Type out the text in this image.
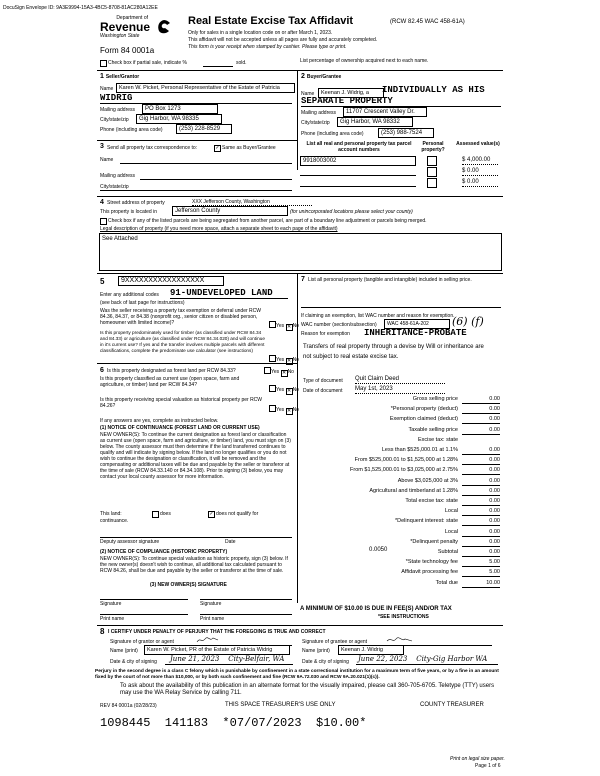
DocuSign Envelope ID: 9A3E9994-15A3-4BC5-8708-81AC280A12EE
Department of
Revenue
Washington State
Form 84 0001a
Real Estate Excise Tax Affidavit	(RCW 82.45 WAC 458-61A)
Only for sales in a single location code on or after March 1, 2023.
This affidavit will not be accepted unless all pages are fully and accurately completed.
This form is your receipt when stamped by cashier. Please type or print.
Check box if partial sale, indicate %	sold.	List percentage of ownership acquired next to each name.
1 Seller/Grantor
Name	Karen W. Picket, Personal Representative of the Estate of Patricia
WIDRIG
Mailing address	PO Box 1273
City/state/zip	Gig Harbor, WA 98335
Phone (including area code)	(253) 228-8529
2 Buyer/Grantee
Name	Keenan J. Widrig, a	INDIVIDUALLY AS HIS
SEPARATE PROPERTY
Mailing address	11707 Crescent Valley Dr.
City/state/zip	Gig Harbor, WA 98332
Phone (including area code)	(253) 988-7524
3 Send all property tax correspondence to:	✓ Same as Buyer/Grantee
Name
Mailing address
City/state/zip
List all real and personal property tax parcel account numbers
Personal property?
Assessed value(s)
9918003002	$ 4,000.00
$ 0.00
$ 0.00
4 Street address of property	XXX Jefferson County, Washington
This property is located in	Jefferson County	(for unincorporated locations please select your county)
Check box if any of the listed parcels are being segregated from another parcel, are part of a boundary line adjustment or parcels being merged.
Legal description of property (if you need more space, attach a separate sheet to each page of the affidavit)
See Attached
5	9XXXXXXXXXXXXXXXXX
Enter any additional codes 91-UNDEVELOPED LAND
(see back of last page for instructions)
Was the seller receiving a property tax exemption or deferral under RCW 84.36, 84.37, or 84.38 (nonprofit org., senior citizen or disabled person, homeowner with limited income)?	Yes ✕No
Is this property predominately used for timber (as classified under RCW 84.34 and 84.33) or agriculture (as classified under RCW 84.34.020) and will continue in it's current use? If yes and the transfer involves multiple parcels with different classifications, complete the predominate use calculator (see instructions)
Yes ✕No
6 Is this property designated as forest land per RCW 84.33?	Yes ✕No
Is this property classified as current use (open space, farm and agriculture, or timber) land per RCW 84.34?
Yes ✕No
Is this property receiving special valuation as historical property per RCW 84.26?
Yes ✕No
If any answers are yes, complete as instructed below.
(1) NOTICE OF CONTINUANCE (FOREST LAND OR CURRENT USE)
NEW OWNER(S): To continue the current designation as forest land or classification as current use (open space, farm and agriculture, or timber) land, you must sign on (3) below. The county assessor must then determine if the land transferred continues to qualify and will indicate by signing below. If the land no longer qualifies or you do not wish to continue the designation or classification, it will be removed and the compensating or additional taxes will be due and payable by the seller or transferor at the time of sale (RCW 84.33.140 or 84.34.108). Prior to signing (3) below, you may contact your local county assessor for more information.
This land:	does	✓ does not qualify for
continuance.
Deputy assessor signature	Date
(2) NOTICE OF COMPLIANCE (HISTORIC PROPERTY)
NEW OWNER(S): To continue special valuation as historic property, sign (3) below. If the new owner(s) doesn't wish to continue, all additional tax calculated pursuant to RCW 84.26, shall be due and payable by the seller or transferor at the time of sale.
(3) NEW OWNER(S) SIGNATURE
Signature	Signature
Print name	Print name
7 List all personal property (tangible and intangible) included in selling price.
If claiming an exemption, list WAC number and reason for exemption.
WAC number (section/subsection)	WAC 458-61A-202	(6) (f)
Reason for exemption INHERITANCE-PROBATE
Transfers of real property through a devise by Will or inheritance are
not subject to real estate excise tax.
Type of document Quit Claim Deed
Date of document May 1st, 2023
Gross selling price	0.00
*Personal property (deduct)	0.00
Exemption claimed (deduct)	0.00
Taxable selling price	0.00
Excise tax: state
Less than $525,000.01 at 1.1%	0.00
From $525,000.01 to $1,525,000 at 1.28%	0.00
From $1,525,000.01 to $3,025,000 at 2.75%	0.00
Above $3,025,000 at 3%	0.00
Agricultural and timberland at 1.28%	0.00
Total excise tax: state	0.00
Local	0.00
*Delinquent interest: state	0.00
Local	0.00
*Delinquent penalty	0.00
Subtotal	0.00
*State technology fee	5.00
Affidavit processing fee	5.00
Total due	10.00
0.0050
A MINIMUM OF $10.00 IS DUE IN FEE(S) AND/OR TAX
*SEE INSTRUCTIONS
8 I CERTIFY UNDER PENALTY OF PERJURY THAT THE FOREGOING IS TRUE AND CORRECT
Signature of grantor or agent
Name (print)	Karen W. Picket, PR of the Estate of Patricia Widrig
Date & city of signing June 21, 2023    City-Belfair, WA
Signature of grantee or agent
Name (print)	Keenan J. Widrig
Date & city of signing June 22, 2023    City-Gig Harbor WA
Perjury in the second degree is a class C felony which is punishable by confinement in a state correctional institution for a maximum term of five years, or by a fine in an amount fixed by the court of not more than $10,000, or by both such confinement and fine (RCW 9A.72.030 and RCW 9A.20.021(1)(c)).
To ask about the availability of this publication in an alternate format for the visually impaired, please call 360-705-6705. Teletype (TTY) users may use the WA Relay Service by calling 711.
REV 84 0001a (02/28/23)	THIS SPACE TREASURER'S USE ONLY	COUNTY TREASURER
1098445  141183  *07/07/2023  $10.00*
Print on legal size paper.
Page 1 of 6
